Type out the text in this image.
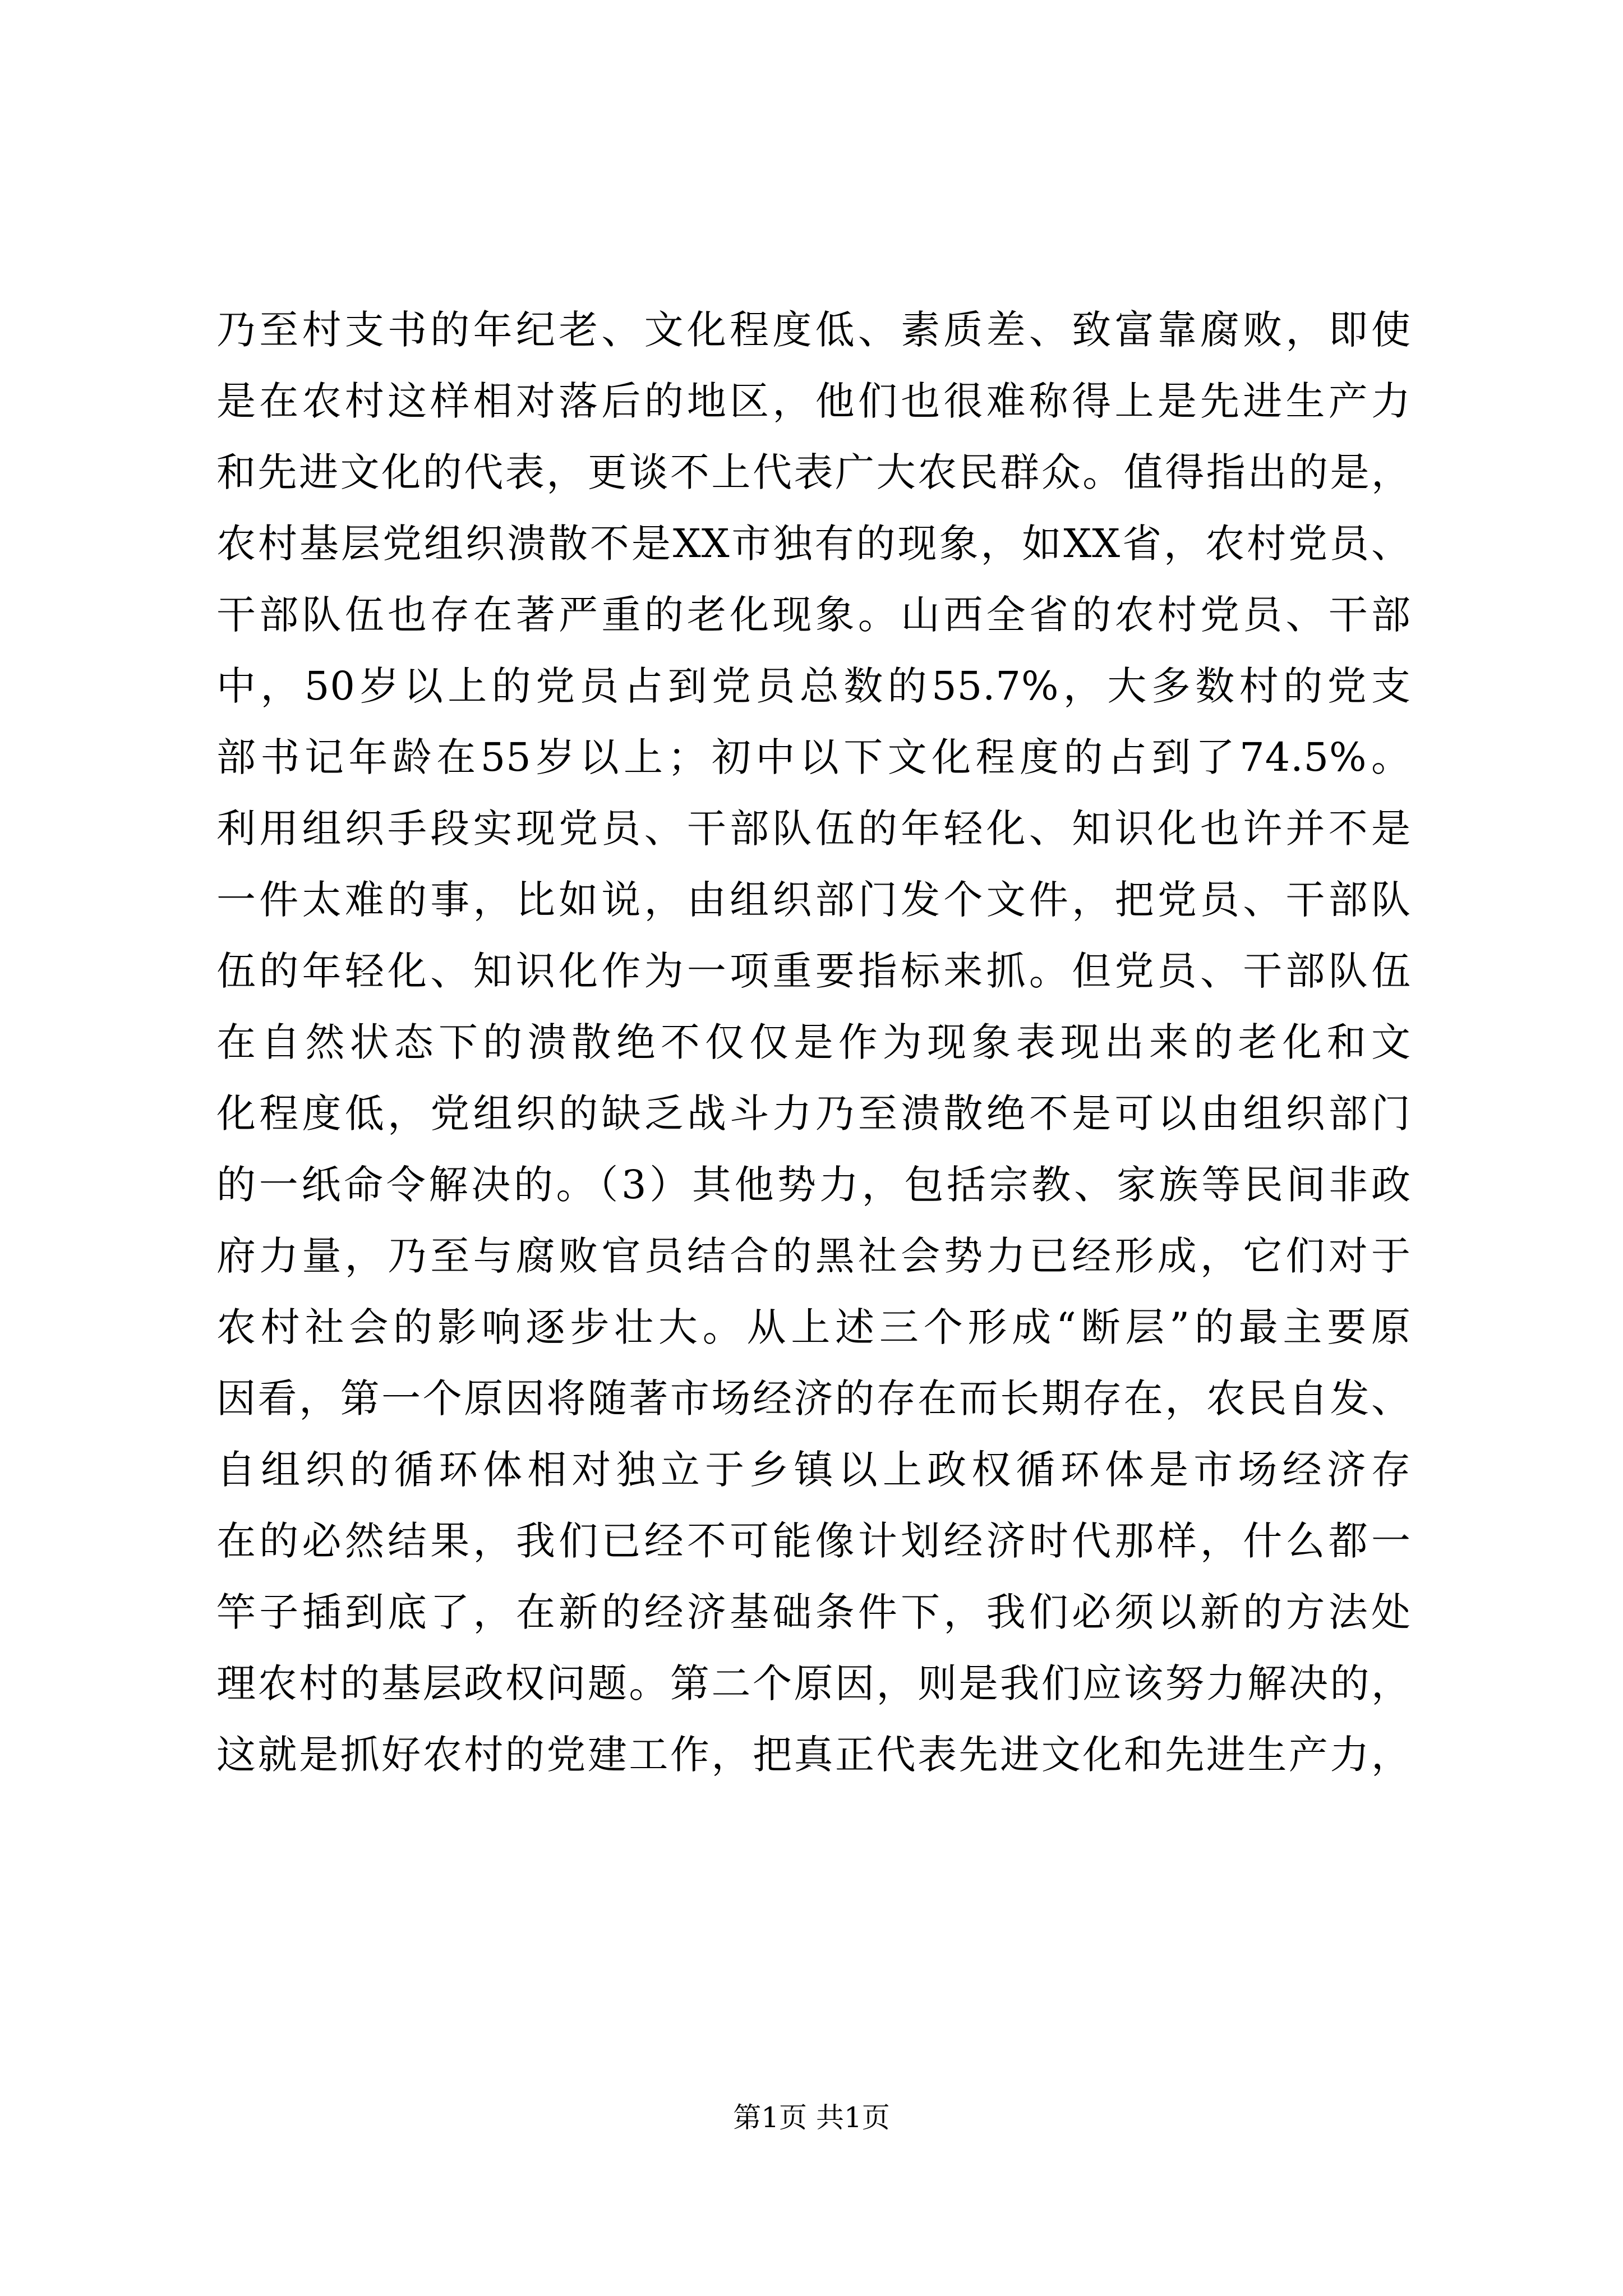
乃至村支书的年纪老、文化程度低、素质差、致富靠腐败，即使
是在农村这样相对落后的地区，他们也很难称得上是先进生产力
和先进文化的代表，更谈不上代表广大农民群众。值得指出的是，
农村基层党组织溃散不是XX市独有的现象，如XX省，农村党员、
干部队伍也存在著严重的老化现象。山西全省的农村党员、干部
中，50岁以上的党员占到党员总数的55.7%，大多数村的党支
部书记年龄在55岁以上；初中以下文化程度的占到了74.5%。
利用组织手段实现党员、干部队伍的年轻化、知识化也许并不是
一件太难的事，比如说，由组织部门发个文件，把党员、干部队
伍的年轻化、知识化作为一项重要指标来抓。但党员、干部队伍
在自然状态下的溃散绝不仅仅是作为现象表现出来的老化和文
化程度低，党组织的缺乏战斗力乃至溃散绝不是可以由组织部门
的一纸命令解决的。（3）其他势力，包括宗教、家族等民间非政
府力量，乃至与腐败官员结合的黑社会势力已经形成，它们对于
农村社会的影响逐步壮大。从上述三个形成“断层”的最主要原
因看，第一个原因将随著市场经济的存在而长期存在，农民自发、
自组织的循环体相对独立于乡镇以上政权循环体是市场经济存
在的必然结果，我们已经不可能像计划经济时代那样，什么都一
竿子插到底了，在新的经济基础条件下，我们必须以新的方法处
理农村的基层政权问题。第二个原因，则是我们应该努力解决的，
这就是抓好农村的党建工作，把真正代表先进文化和先进生产力，
第1页 共1页
